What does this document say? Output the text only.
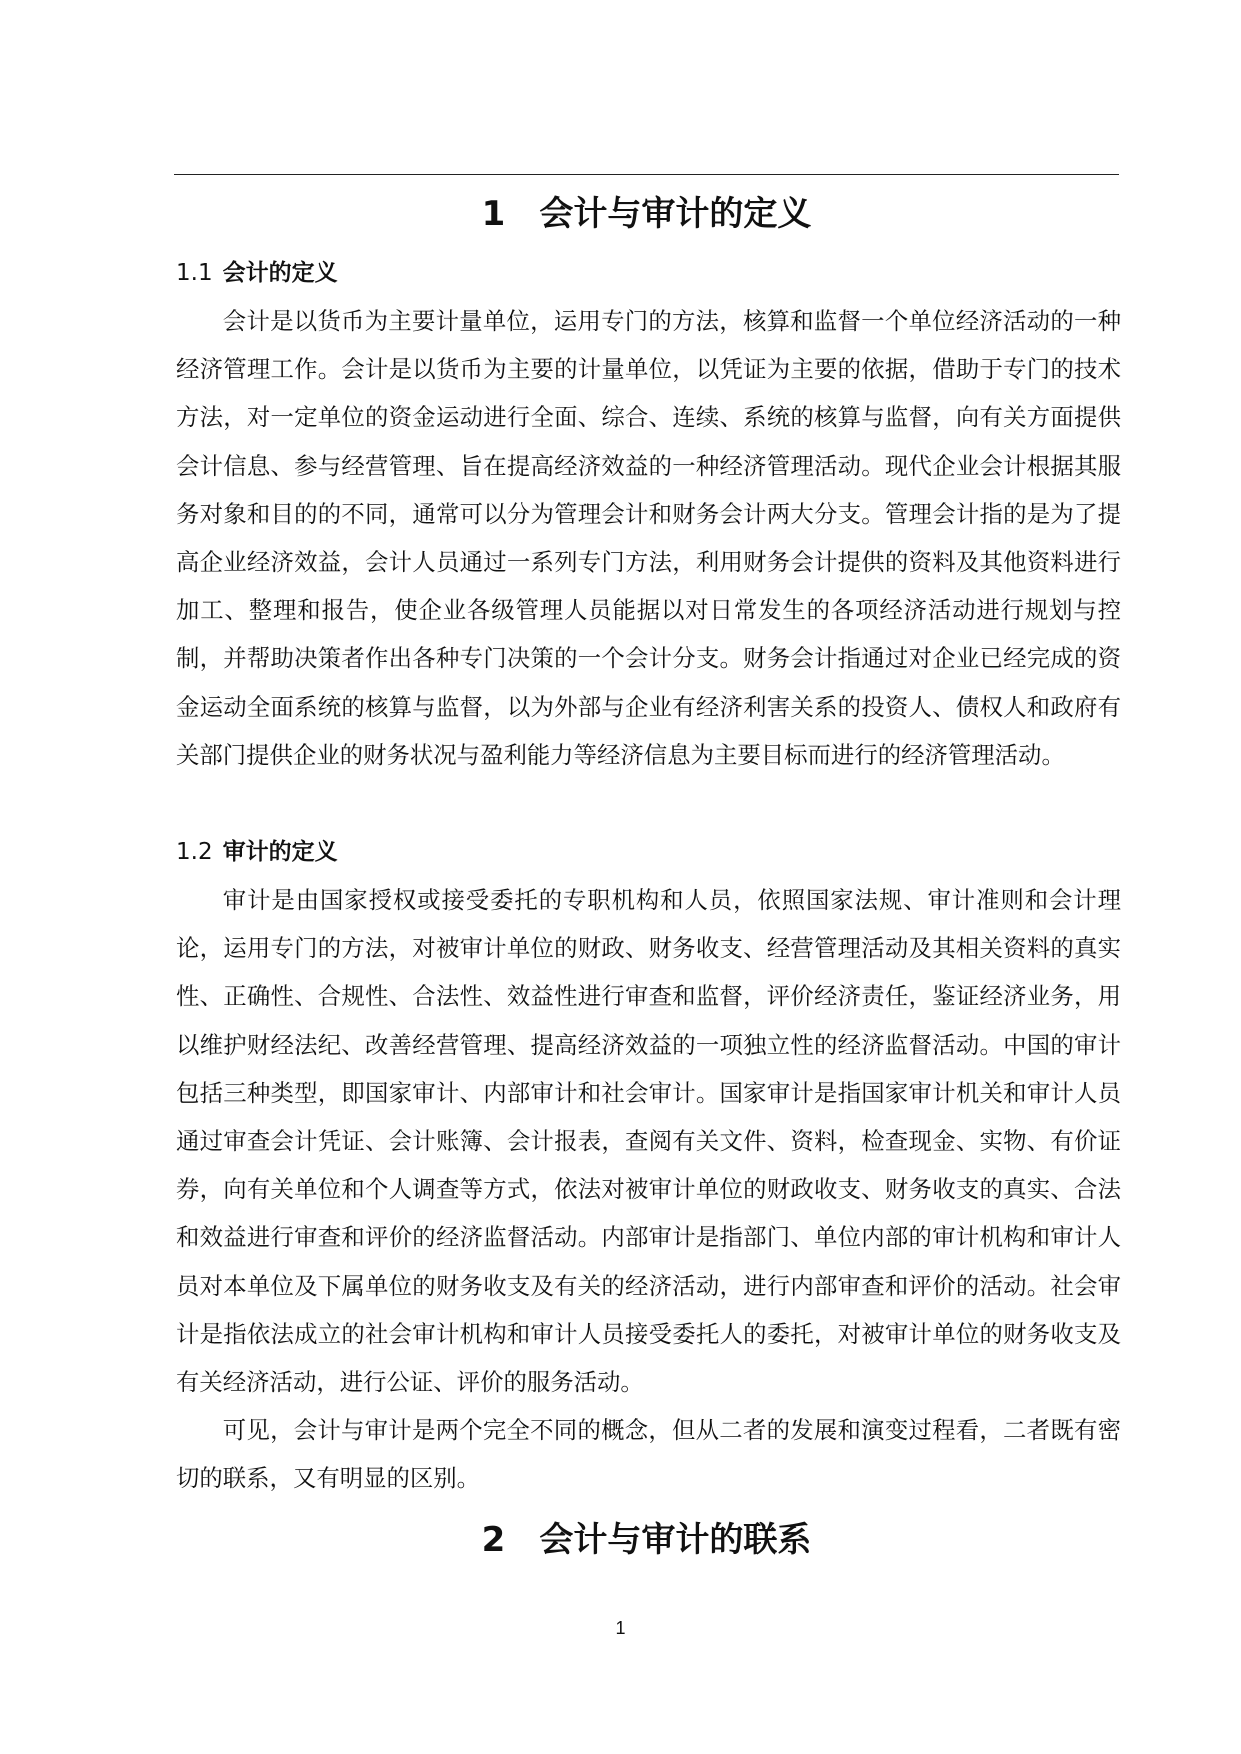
1 会计与审计的定义
1.1 会计的定义

会计是以货币为主要计量单位，运用专门的方法，核算和监督一个单位经济活动的一种经济管理工作。会计是以货币为主要的计量单位，以凭证为主要的依据，借助于专门的技术方法，对一定单位的资金运动进行全面、综合、连续、系统的核算与监督，向有关方面提供会计信息、参与经营管理、旨在提高经济效益的一种经济管理活动。现代企业会计根据其服务对象和目的的不同，通常可以分为管理会计和财务会计两大分支。管理会计指的是为了提高企业经济效益，会计人员通过一系列专门方法，利用财务会计提供的资料及其他资料进行加工、整理和报告，使企业各级管理人员能据以对日常发生的各项经济活动进行规划与控制，并帮助决策者作出各种专门决策的一个会计分支。财务会计指通过对企业已经完成的资金运动全面系统的核算与监督，以为外部与企业有经济利害关系的投资人、债权人和政府有关部门提供企业的财务状况与盈利能力等经济信息为主要目标而进行的经济管理活动。

1.2 审计的定义

审计是由国家授权或接受委托的专职机构和人员，依照国家法规、审计准则和会计理论，运用专门的方法，对被审计单位的财政、财务收支、经营管理活动及其相关资料的真实性、正确性、合规性、合法性、效益性进行审查和监督，评价经济责任，鉴证经济业务，用以维护财经法纪、改善经营管理、提高经济效益的一项独立性的经济监督活动。中国的审计包括三种类型，即国家审计、内部审计和社会审计。国家审计是指国家审计机关和审计人员通过审查会计凭证、会计账簿、会计报表，查阅有关文件、资料，检查现金、实物、有价证券，向有关单位和个人调查等方式，依法对被审计单位的财政收支、财务收支的真实、合法和效益进行审查和评价的经济监督活动。内部审计是指部门、单位内部的审计机构和审计人员对本单位及下属单位的财务收支及有关的经济活动，进行内部审查和评价的活动。社会审计是指依法成立的社会审计机构和审计人员接受委托人的委托，对被审计单位的财务收支及有关经济活动，进行公证、评价的服务活动。

可见，会计与审计是两个完全不同的概念，但从二者的发展和演变过程看，二者既有密切的联系，又有明显的区别。

2 会计与审计的联系
1
